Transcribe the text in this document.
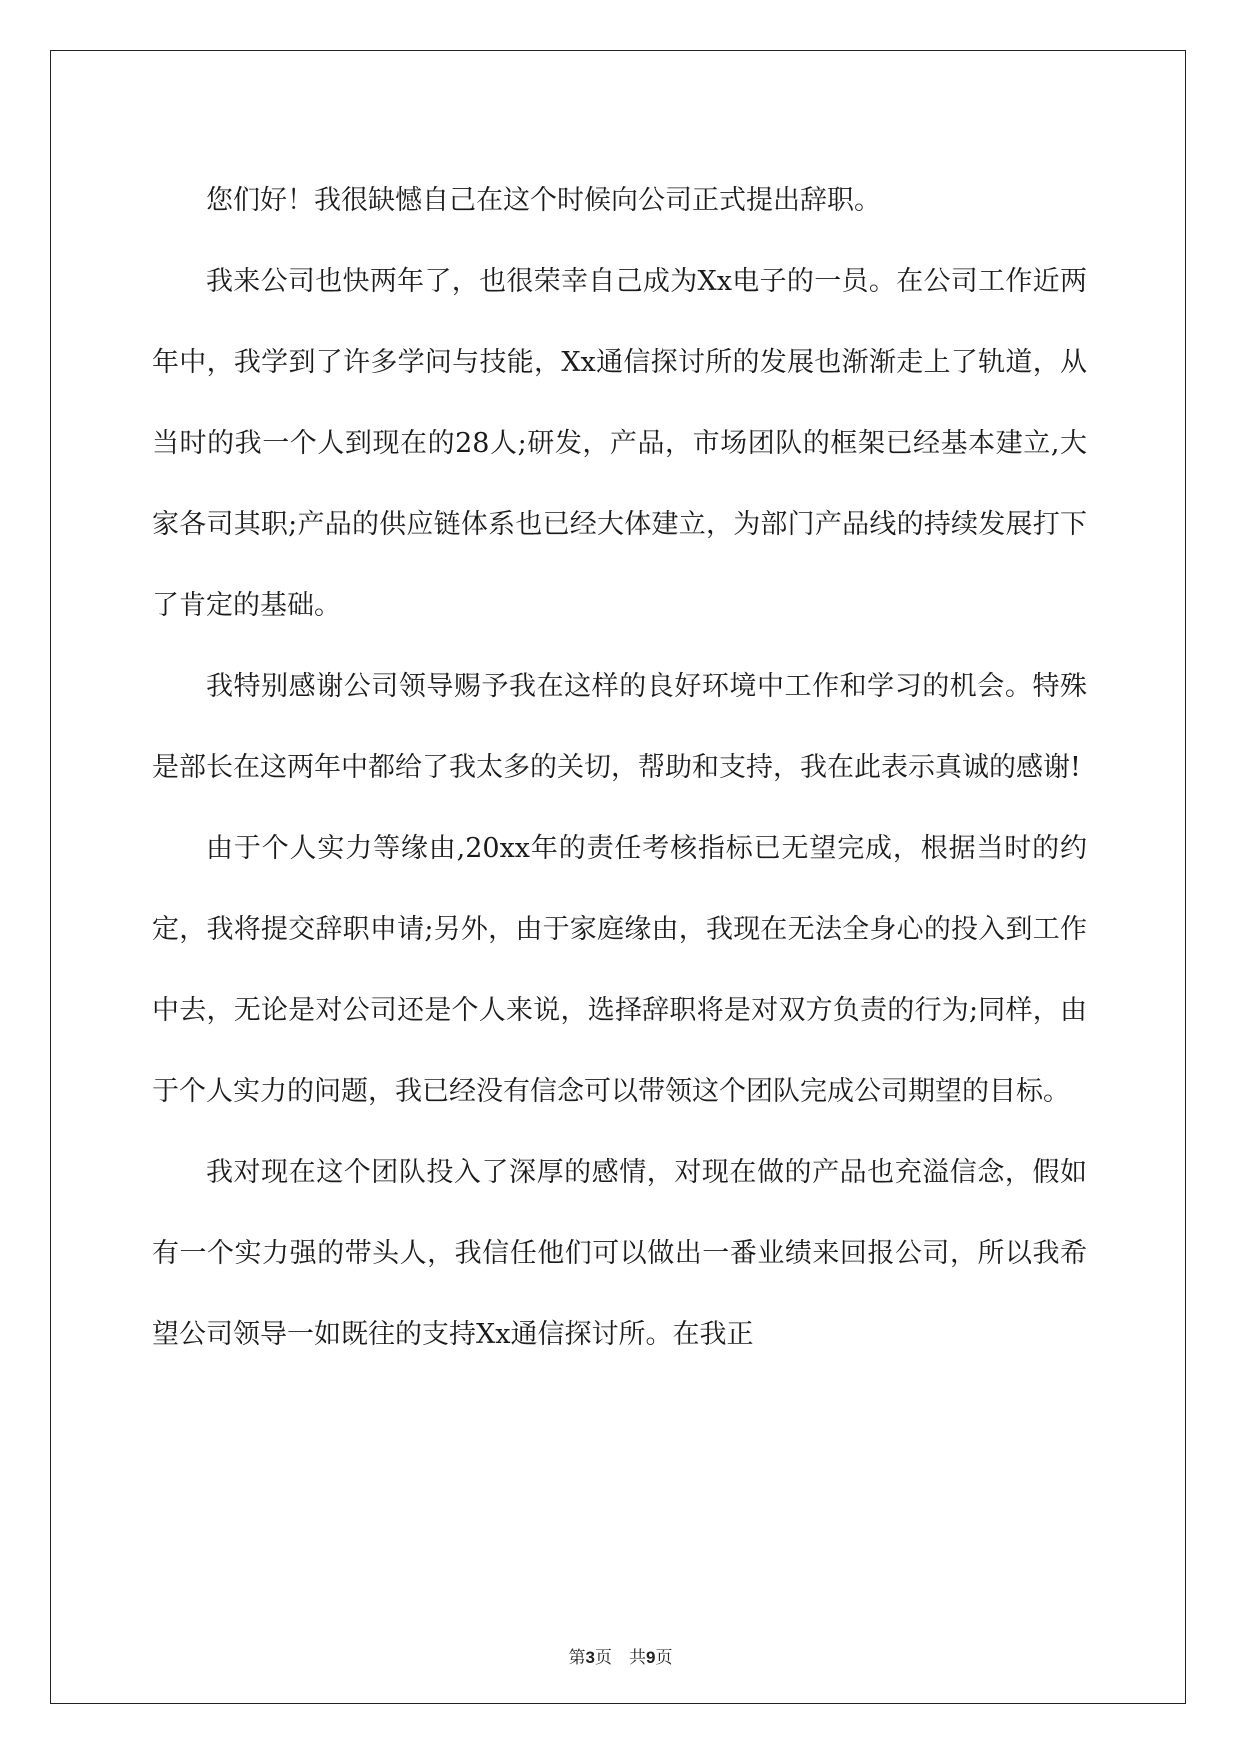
您们好！我很缺憾自己在这个时候向公司正式提出辞职。

我来公司也快两年了，也很荣幸自己成为Xx电子的一员。在公司工作近两年中，我学到了许多学问与技能，Xx通信探讨所的发展也渐渐走上了轨道，从当时的我一个人到现在的28人;研发，产品，市场团队的框架已经基本建立,大家各司其职;产品的供应链体系也已经大体建立，为部门产品线的持续发展打下了肯定的基础。

我特别感谢公司领导赐予我在这样的良好环境中工作和学习的机会。特殊是部长在这两年中都给了我太多的关切，帮助和支持，我在此表示真诚的感谢!

由于个人实力等缘由,20xx年的责任考核指标已无望完成，根据当时的约定，我将提交辞职申请;另外，由于家庭缘由，我现在无法全身心的投入到工作中去，无论是对公司还是个人来说，选择辞职将是对双方负责的行为;同样，由于个人实力的问题，我已经没有信念可以带领这个团队完成公司期望的目标。

我对现在这个团队投入了深厚的感情，对现在做的产品也充溢信念，假如有一个实力强的带头人，我信任他们可以做出一番业绩来回报公司，所以我希望公司领导一如既往的支持Xx通信探讨所。在我正

第3页　共9页
